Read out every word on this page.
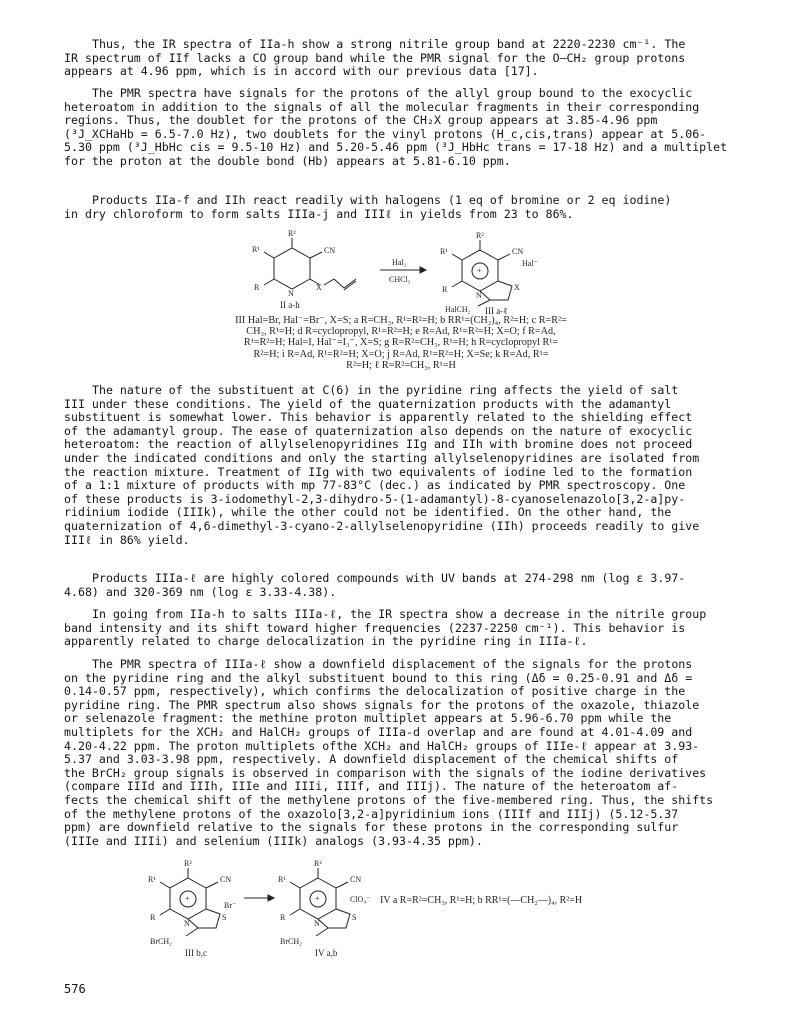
Thus, the IR spectra of IIa-h show a strong nitrile group band at 2220-2230 cm⁻¹. The
IR spectrum of IIf lacks a CO group band while the PMR signal for the O—CH₂ group protons
appears at 4.96 ppm, which is in accord with our previous data [17].
The PMR spectra have signals for the protons of the allyl group bound to the exocyclic
heteroatom in addition to the signals of all the molecular fragments in their corresponding
regions. Thus, the doublet for the protons of the CH₂X group appears at 3.85-4.96 ppm
(³J_XCHaHb = 6.5-7.0 Hz), two doublets for the vinyl protons (H_c,cis,trans) appear at 5.06-
5.30 ppm (³J_HbHc cis = 9.5-10 Hz) and 5.20-5.46 ppm (³J_HbHc trans = 17-18 Hz) and a multiplet
for the proton at the double bond (Hb) appears at 5.81-6.10 ppm.
Products IIa-f and IIh react readily with halogens (1 eq of bromine or 2 eq iodine)
in dry chloroform to form salts IIIa-j and IIIℓ in yields from 23 to 86%.
R²
R¹	CN
R
N
X
II a-h
Hal₂
CHCl₃
+
R²
R¹	CN
Hal⁻
R
N
X
HalCH₂ III a-ℓ
III Hal=Br, Hal⁻=Br⁻, X=S; a R=CH₃, R¹=R²=H; b RR¹=(CH₂)₄, R²=H; c R=R²=
CH₃, R¹=H; d R=cyclopropyl, R¹=R²=H; e R=Ad, R¹=R²=H; X=O; f R=Ad,
R¹=R²=H; Hal=I, Hal⁻=I₃⁻, X=S; g R=R²=CH₃, R¹=H; h R=cyclopropyl R¹=
R²=H; i R=Ad, R¹=R²=H; X=O; j R=Ad, R¹=R²=H; X=Se; k R=Ad, R¹=
R²=H; ℓ R=R²=CH₃, R¹=H
The nature of the substituent at C(6) in the pyridine ring affects the yield of salt
III under these conditions. The yield of the quaternization products with the adamantyl
substituent is somewhat lower. This behavior is apparently related to the shielding effect
of the adamantyl group. The ease of quaternization also depends on the nature of exocyclic
heteroatom: the reaction of allylselenopyridines IIg and IIh with bromine does not proceed
under the indicated conditions and only the starting allylselenopyridines are isolated from
the reaction mixture. Treatment of IIg with two equivalents of iodine led to the formation
of a 1:1 mixture of products with mp 77-83°C (dec.) as indicated by PMR spectroscopy. One
of these products is 3-iodomethyl-2,3-dihydro-5-(1-adamantyl)-8-cyanoselenazolo[3,2-a]py-
ridinium iodide (IIIk), while the other could not be identified. On the other hand, the
quaternization of 4,6-dimethyl-3-cyano-2-allylselenopyridine (IIh) proceeds readily to give
IIIℓ in 86% yield.
Products IIIa-ℓ are highly colored compounds with UV bands at 274-298 nm (log ε 3.97-
4.68) and 320-369 nm (log ε 3.33-4.38).
In going from IIa-h to salts IIIa-ℓ, the IR spectra show a decrease in the nitrile group
band intensity and its shift toward higher frequencies (2237-2250 cm⁻¹). This behavior is
apparently related to charge delocalization in the pyridine ring in IIIa-ℓ.
The PMR spectra of IIIa-ℓ show a downfield displacement of the signals for the protons
on the pyridine ring and the alkyl substituent bound to this ring (Δδ = 0.25-0.91 and Δδ =
0.14-0.57 ppm, respectively), which confirms the delocalization of positive charge in the
pyridine ring. The PMR spectrum also shows signals for the protons of the oxazole, thiazole
or selenazole fragment: the methine proton multiplet appears at 5.96-6.70 ppm while the
multiplets for the XCH₂ and HalCH₂ groups of IIIa-d overlap and are found at 4.01-4.09 and
4.20-4.22 ppm. The proton multiplets ofthe XCH₂ and HalCH₂ groups of IIIe-ℓ appear at 3.93-
5.37 and 3.03-3.98 ppm, respectively. A downfield displacement of the chemical shifts of
the BrCH₂ group signals is observed in comparison with the signals of the iodine derivatives
(compare IIId and IIIh, IIIe and IIIi, IIIf, and IIIj). The nature of the heteroatom af-
fects the chemical shift of the methylene protons of the five-membered ring. Thus, the shifts
of the methylene protons of the oxazolo[3,2-a]pyridinium ions (IIIf and IIIj) (5.12-5.37
ppm) are downfield relative to the signals for these protons in the corresponding sulfur
(IIIe and IIIi) and selenium (IIIk) analogs (3.93-4.35 ppm).
+
R²
R¹	CN
Br⁻
R
N
S
BrCH₂
III b,c
+
R²
R¹	CN
ClO₄⁻
R
N
S
BrCH₂
IV a,b
IV a R=R²=CH₃, R¹=H; b RR¹=(—CH₂—)₄, R²=H
576
